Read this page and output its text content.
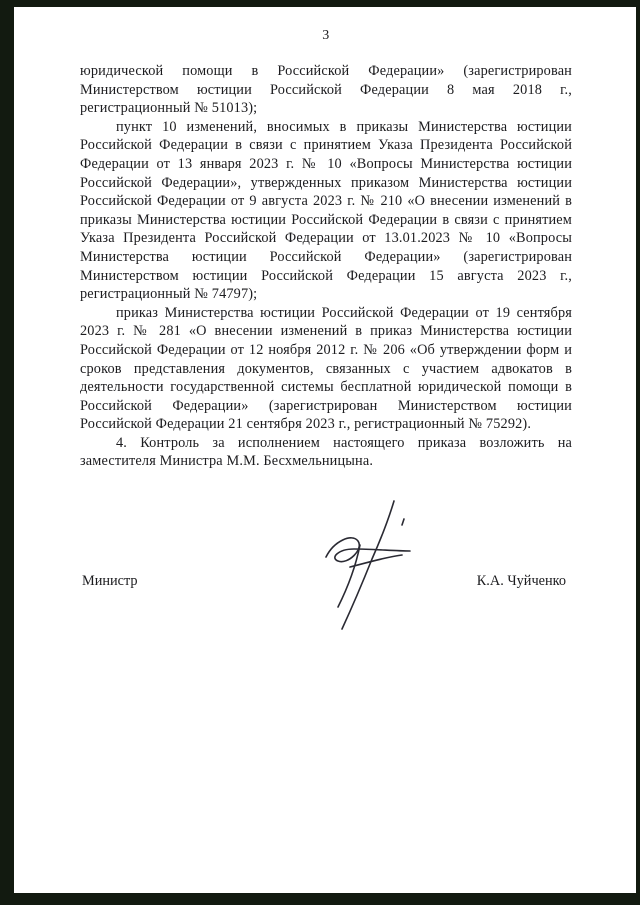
3

юридической помощи в Российской Федерации» (зарегистрирован Министерством юстиции Российской Федерации 8 мая 2018 г., регистрационный № 51013);

пункт 10 изменений, вносимых в приказы Министерства юстиции Российской Федерации в связи с принятием Указа Президента Российской Федерации от 13 января 2023 г. № 10 «Вопросы Министерства юстиции Российской Федерации», утвержденных приказом Министерства юстиции Российской Федерации от 9 августа 2023 г. № 210 «О внесении изменений в приказы Министерства юстиции Российской Федерации в связи с принятием Указа Президента Российской Федерации от 13.01.2023 № 10 «Вопросы Министерства юстиции Российской Федерации» (зарегистрирован Министерством юстиции Российской Федерации 15 августа 2023 г., регистрационный № 74797);

приказ Министерства юстиции Российской Федерации от 19 сентября 2023 г. № 281 «О внесении изменений в приказ Министерства юстиции Российской Федерации от 12 ноября 2012 г. № 206 «Об утверждении форм и сроков представления документов, связанных с участием адвокатов в деятельности государственной системы бесплатной юридической помощи в Российской Федерации» (зарегистрирован Министерством юстиции Российской Федерации 21 сентября 2023 г., регистрационный № 75292).

4. Контроль за исполнением настоящего приказа возложить на заместителя Министра М.М. Бесхмельницына.

Министр	К.А. Чуйченко
